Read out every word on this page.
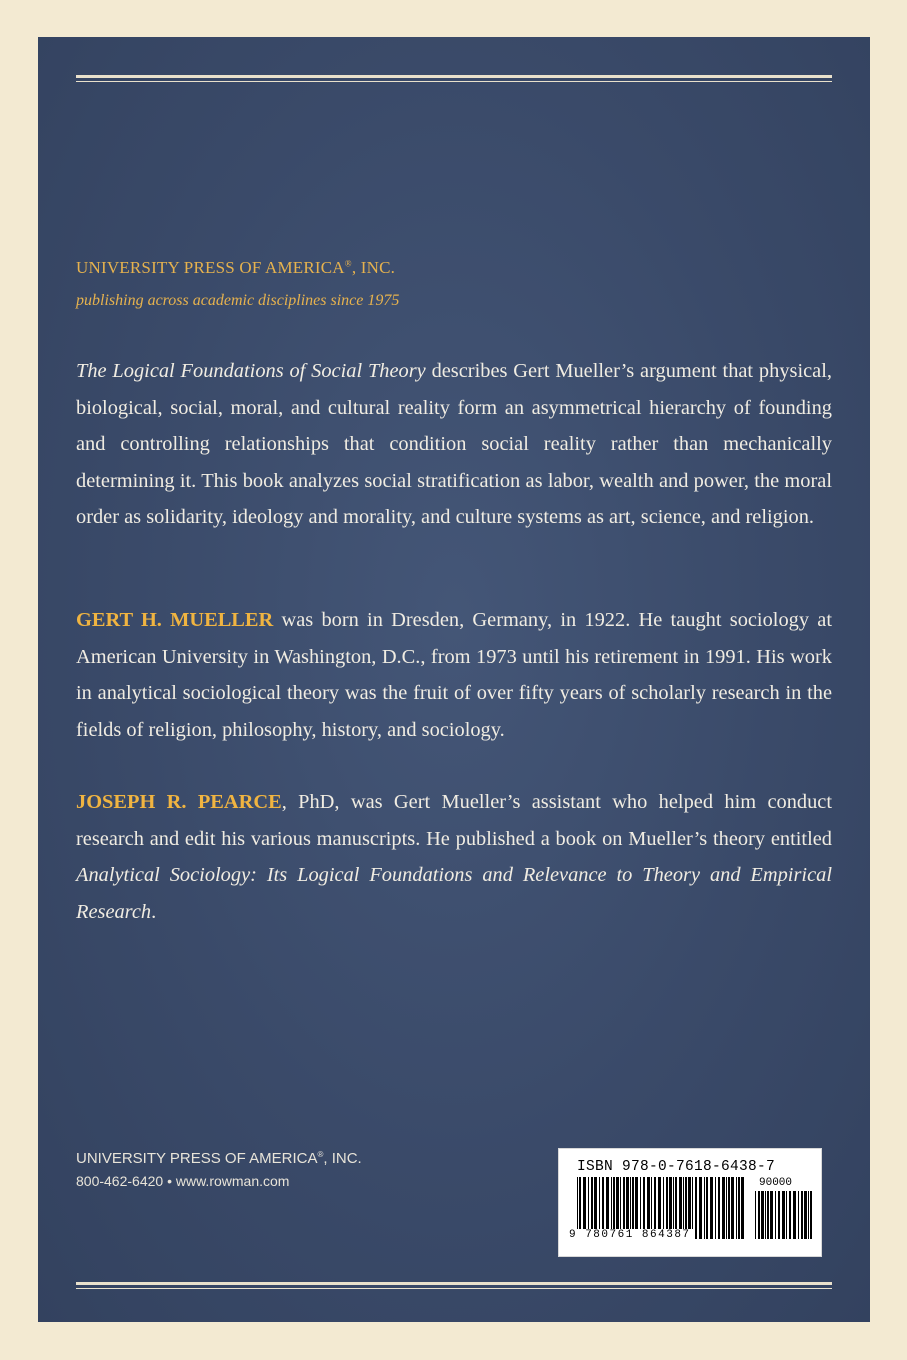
UNIVERSITY PRESS OF AMERICA®, INC.
publishing across academic disciplines since 1975
The Logical Foundations of Social Theory describes Gert Mueller’s argument that physical, biological, social, moral, and cultural reality form an asymmetrical hierarchy of founding and controlling relationships that condition social reality rather than mechanically determining it. This book analyzes social stratification as labor, wealth and power, the moral order as solidarity, ideology and morality, and culture systems as art, science, and religion.
GERT H. MUELLER was born in Dresden, Germany, in 1922. He taught sociology at American University in Washington, D.C., from 1973 until his retirement in 1991. His work in analytical sociological theory was the fruit of over fifty years of scholarly research in the fields of religion, philosophy, history, and sociology.
JOSEPH R. PEARCE, PhD, was Gert Mueller’s assistant who helped him conduct research and edit his various manuscripts. He published a book on Mueller’s theory entitled Analytical Sociology: Its Logical Foundations and Relevance to Theory and Empirical Research.
UNIVERSITY PRESS OF AMERICA®, INC.
800-462-6420 • www.rowman.com
ISBN 978-0-7618-6438-7
90000
9 780761 864387
